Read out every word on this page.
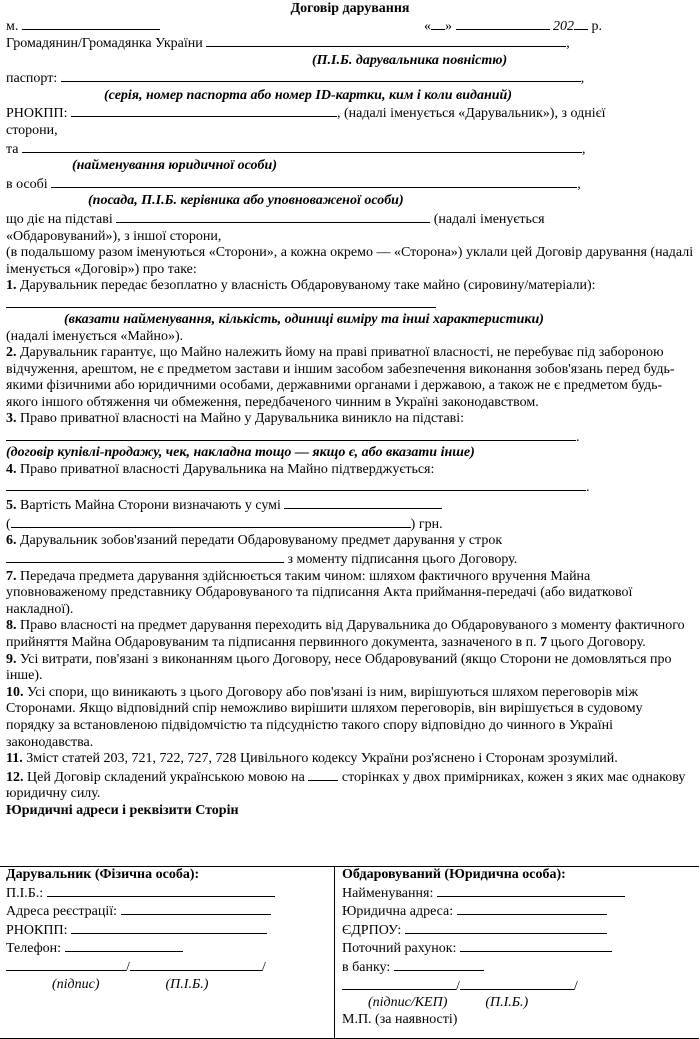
Договір дарування
м.	« »	202 р.
Громадянин/Громадянка України	,
(П.І.Б. дарувальника повністю)
паспорт:	,
(серія, номер паспорта або номер ID-картки, ким і коли виданий)
РНОКПП:	, (надалі іменується «Дарувальник»), з однієї
сторони,
та	,
(найменування юридичної особи)
в особі	,
(посада, П.І.Б. керівника або уповноваженої особи)
що діє на підставі	(надалі іменується
«Обдаровуваний»), з іншої сторони,
(в подальшому разом іменуються «Сторони», а кожна окремо — «Сторона») уклали цей Договір дарування (надалі іменується «Договір») про таке:
1. Дарувальник передає безоплатно у власність Обдаровуваному таке майно (сировину/матеріали):
(вказати найменування, кількість, одиниці виміру та інші характеристики)
(надалі іменується «Майно»).
2. Дарувальник гарантує, що Майно належить йому на праві приватної власності, не перебуває під забороною відчуження, арештом, не є предметом застави и іншим засобом забезпечення виконання зобов'язань перед будь-якими фізичними або юридичними особами, державними органами і державою, а також не є предметом будь-якого іншого обтяження чи обмеження, передбаченого чинним в Україні законодавством.
3. Право приватної власності на Майно у Дарувальника виникло на підставі:
.
(договір купівлі-продажу, чек, накладна тощо — якщо є, або вказати інше)
4. Право приватної власності Дарувальника на Майно підтверджується:
.
5. Вартість Майна Сторони визначають у сумі
(	) грн.
6. Дарувальник зобов'язаний передати Обдаровуваному предмет дарування у строк
з моменту підписання цього Договору.
7. Передача предмета дарування здійснюється таким чином: шляхом фактичного вручення Майна уповноваженому представнику Обдаровуваного та підписання Акта приймання-передачі (або видаткової накладної).
8. Право власності на предмет дарування переходить від Дарувальника до Обдаровуваного з моменту фактичного прийняття Майна Обдаровуваним та підписання первинного документа, зазначеного в п. 7 цього Договору.
9. Усі витрати, пов'язані з виконанням цього Договору, несе Обдаровуваний (якщо Сторони не домовляться про інше).
10. Усі спори, що виникають з цього Договору або пов'язані із ним, вирішуються шляхом переговорів між Сторонами. Якщо відповідний спір неможливо вирішити шляхом переговорів, він вирішується в судовому порядку за встановленою підвідомчістю та підсудністю такого спору відповідно до чинного в Україні законодавства.
11. Зміст статей 203, 721, 722, 727, 728 Цивільного кодексу України роз'яснено і Сторонам зрозумілий.
12. Цей Договір складений українською мовою на	сторінках у двох примірниках, кожен з яких має однакову юридичну силу.
Юридичні адреси і реквізити Сторін
Дарувальник (Фізична особа):
П.І.Б.:
Адреса реєстрації:
РНОКПП:
Телефон:
/	/
(підпис)	(П.І.Б.)
Обдаровуваний (Юридична особа):
Найменування:
Юридична адреса:
ЄДРПОУ:
Поточний рахунок:
в банку:
/	/
(підпис/КЕП)	(П.І.Б.)
М.П. (за наявності)
